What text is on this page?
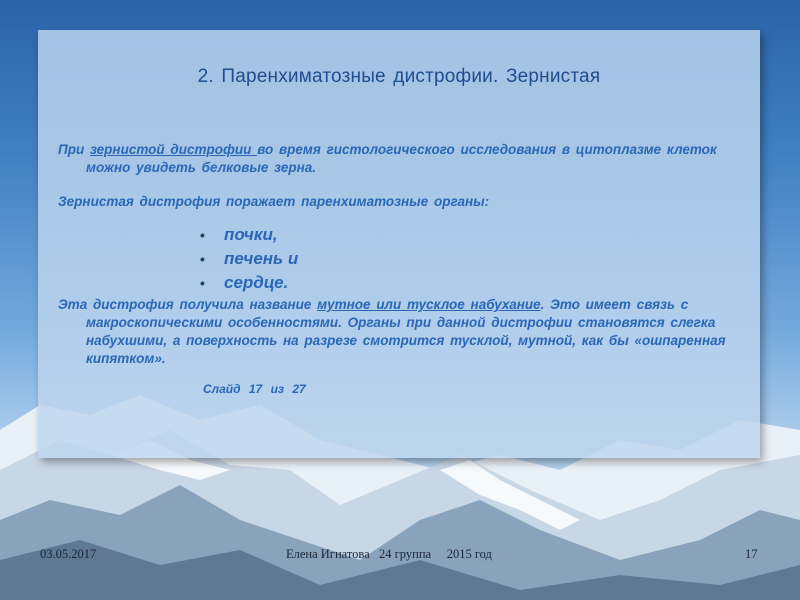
2. Паренхиматозные дистрофии. Зернистая
При зернистой дистрофии во время гистологического исследования в цитоплазме клеток можно увидеть белковые зерна.
Зернистая дистрофия поражает паренхиматозные органы:
•	почки,
•	печень и
•	сердце.
Эта дистрофия получила название мутное или тусклое набухание. Это имеет связь с макроскопическими особенностями. Органы при данной дистрофии становятся слегка набухшими, а поверхность на разрезе смотрится тусклой, мутной, как бы «ошпаренная кипятком».
Слайд 17 из 27
03.05.2017	Елена Игнатова   24 группа     2015 год	17
